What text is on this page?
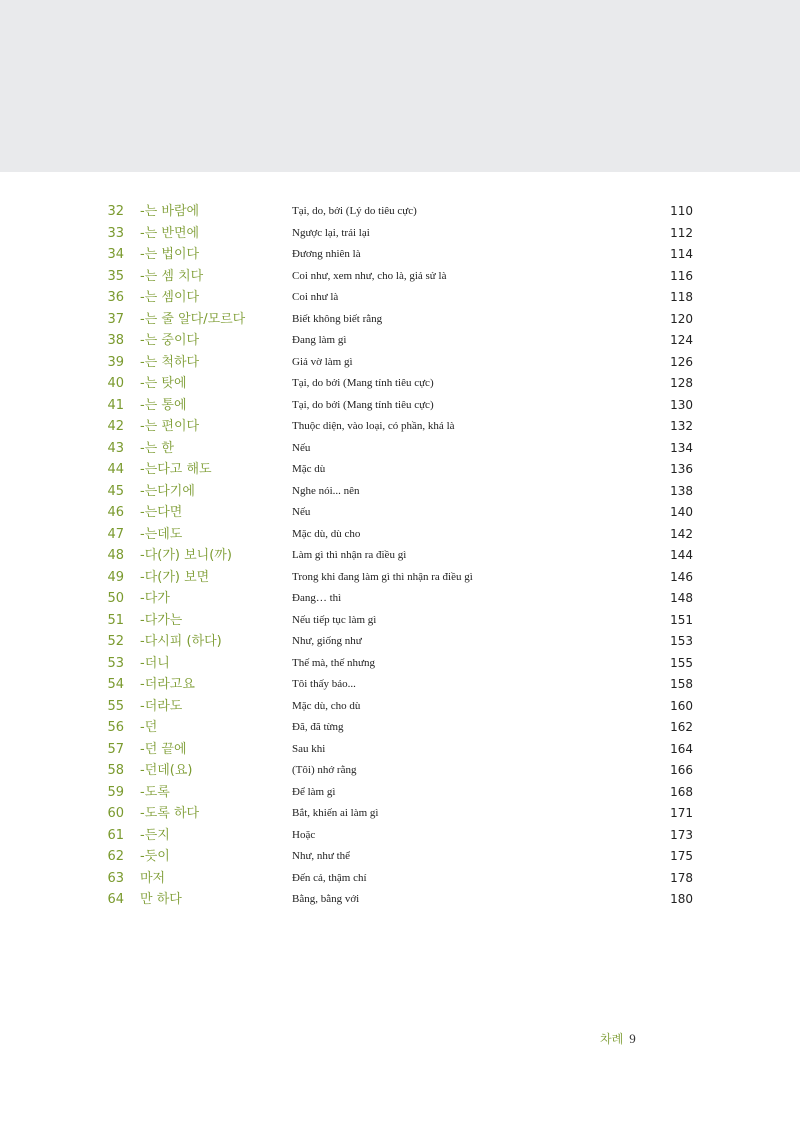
32 -는 바람에	Tại, do, bởi (Lý do tiêu cực)	110
33 -는 반면에	Ngược lại, trái lại	112
34 -는 법이다	Đương nhiên là	114
35 -는 셈 치다	Coi như, xem như, cho là, giả sử là	116
36 -는 셈이다	Coi như là	118
37 -는 줄 알다/모르다	Biết không biết rằng	120
38 -는 중이다	Đang làm gì	124
39 -는 척하다	Giả vờ làm gì	126
40 -는 탓에	Tại, do bởi (Mang tính tiêu cực)	128
41 -는 통에	Tại, do bởi (Mang tính tiêu cực)	130
42 -는 편이다	Thuộc diện, vào loại, có phần, khá là	132
43 -는 한	Nếu	134
44 -는다고 해도	Mặc dù	136
45 -는다기에	Nghe nói... nên	138
46 -는다면	Nếu	140
47 -는데도	Mặc dù, dù cho	142
48 -다(가) 보니(까)	Làm gì thì nhận ra điều gì	144
49 -다(가) 보면	Trong khi đang làm gì thì nhận ra điều gì	146
50 -다가	Đang… thì	148
51 -다가는	Nếu tiếp tục làm gì	151
52 -다시피 (하다)	Như, giống như	153
53 -더니	Thế mà, thế nhưng	155
54 -더라고요	Tôi thấy bảo...	158
55 -더라도	Mặc dù, cho dù	160
56 -던	Đã, đã từng	162
57 -던 끝에	Sau khi	164
58 -던데(요)	(Tôi) nhớ rằng	166
59 -도록	Để làm gì	168
60 -도록 하다	Bắt, khiến ai làm gì	171
61 -든지	Hoặc	173
62 -듯이	Như, như thể	175
63 마저	Đến cả, thậm chí	178
64 만 하다	Bằng, bằng với	180
차례 9
